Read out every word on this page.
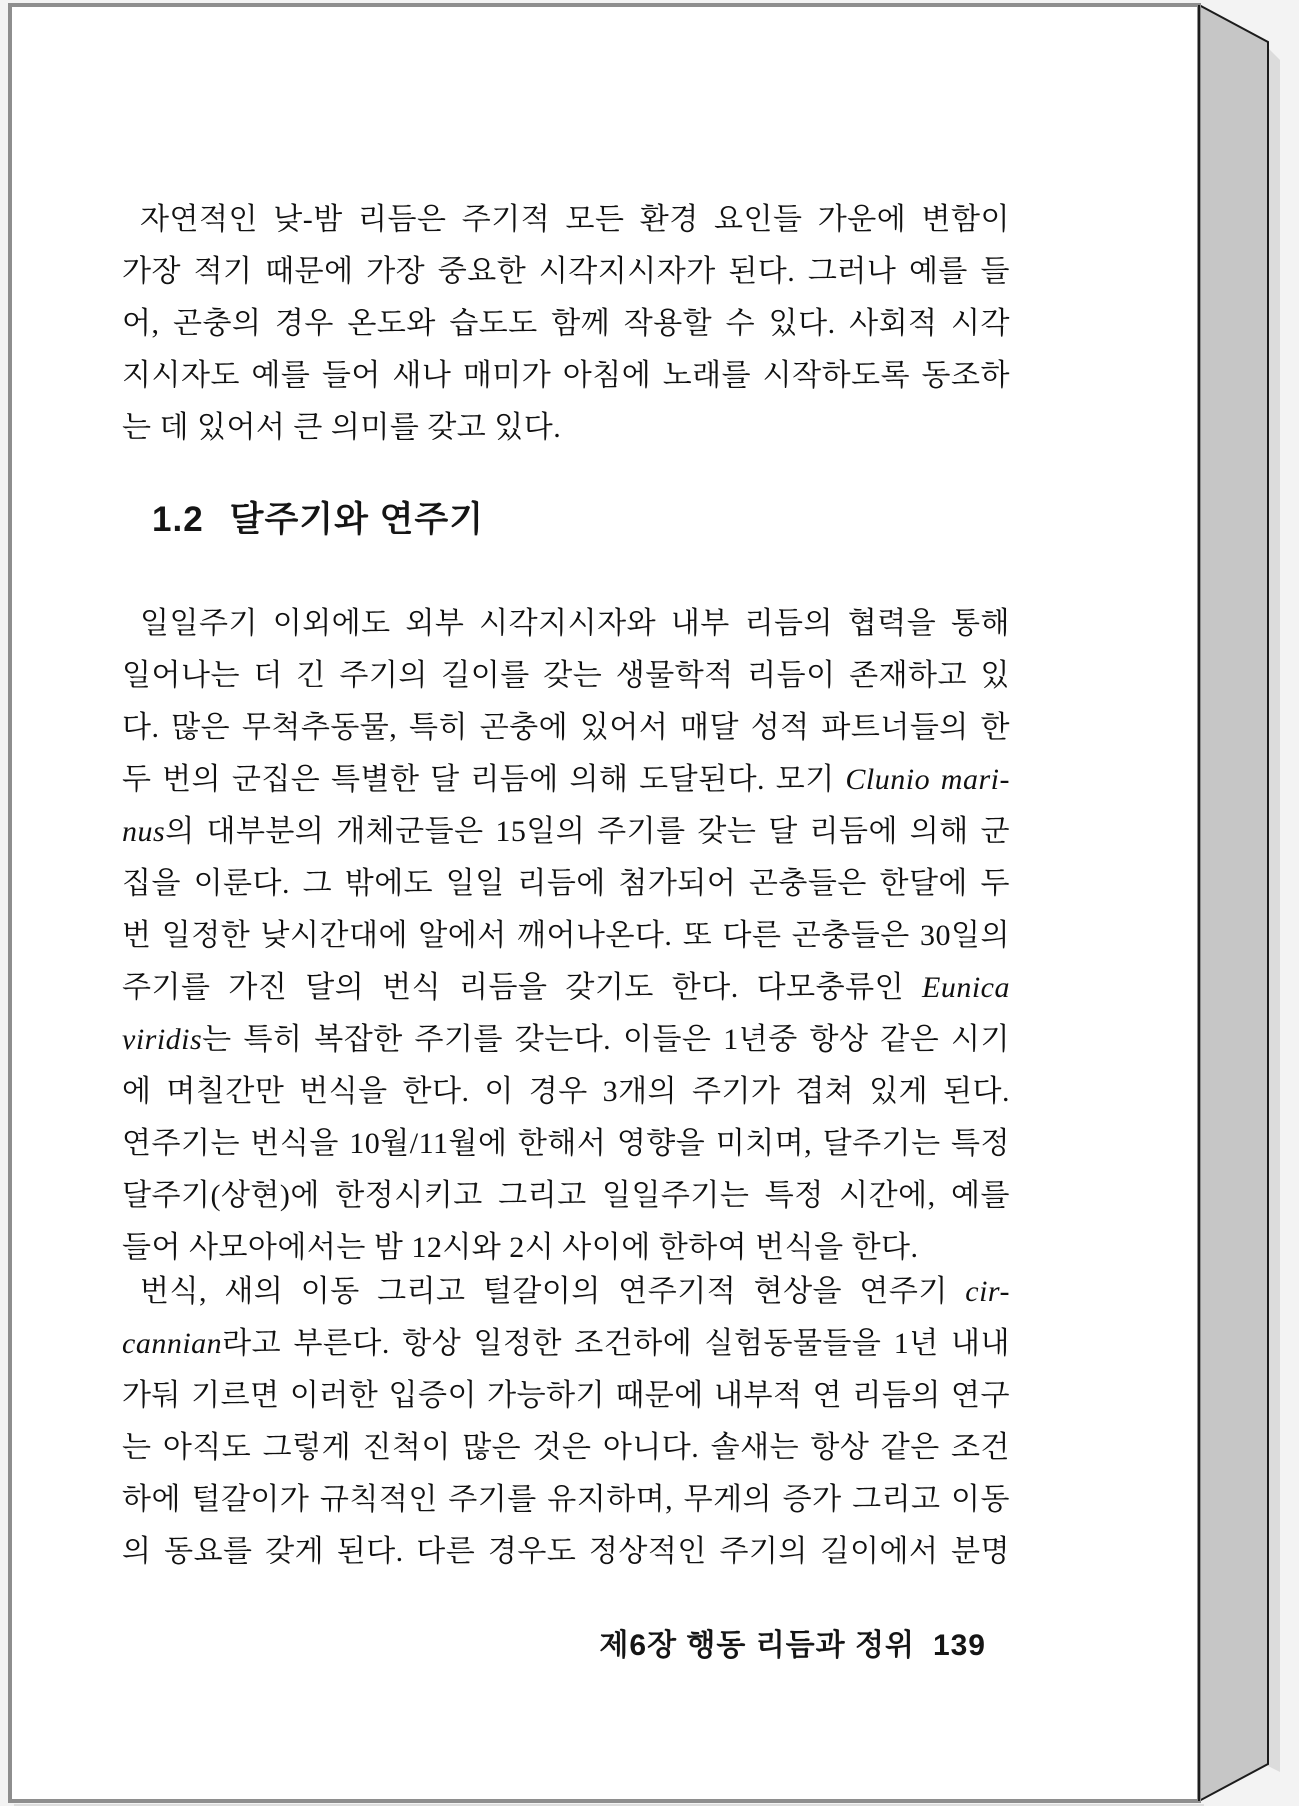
자연적인 낮-밤 리듬은 주기적 모든 환경 요인들 가운에 변함이
가장 적기 때문에 가장 중요한 시각지시자가 된다. 그러나 예를 들
어, 곤충의 경우 온도와 습도도 함께 작용할 수 있다. 사회적 시각
지시자도 예를 들어 새나 매미가 아침에 노래를 시작하도록 동조하
는 데 있어서 큰 의미를 갖고 있다.
1.2 달주기와 연주기
일일주기 이외에도 외부 시각지시자와 내부 리듬의 협력을 통해
일어나는 더 긴 주기의 길이를 갖는 생물학적 리듬이 존재하고 있
다. 많은 무척추동물, 특히 곤충에 있어서 매달 성적 파트너들의 한
두 번의 군집은 특별한 달 리듬에 의해 도달된다. 모기 Clunio mari-
nus의 대부분의 개체군들은 15일의 주기를 갖는 달 리듬에 의해 군
집을 이룬다. 그 밖에도 일일 리듬에 첨가되어 곤충들은 한달에 두
번 일정한 낮시간대에 알에서 깨어나온다. 또 다른 곤충들은 30일의
주기를 가진 달의 번식 리듬을 갖기도 한다. 다모충류인 Eunica
viridis는 특히 복잡한 주기를 갖는다. 이들은 1년중 항상 같은 시기
에 며칠간만 번식을 한다. 이 경우 3개의 주기가 겹쳐 있게 된다.
연주기는 번식을 10월/11월에 한해서 영향을 미치며, 달주기는 특정
달주기(상현)에 한정시키고 그리고 일일주기는 특정 시간에, 예를
들어 사모아에서는 밤 12시와 2시 사이에 한하여 번식을 한다.
번식, 새의 이동 그리고 털갈이의 연주기적 현상을 연주기 cir-
cannian라고 부른다. 항상 일정한 조건하에 실험동물들을 1년 내내
가둬 기르면 이러한 입증이 가능하기 때문에 내부적 연 리듬의 연구
는 아직도 그렇게 진척이 많은 것은 아니다. 솔새는 항상 같은 조건
하에 털갈이가 규칙적인 주기를 유지하며, 무게의 증가 그리고 이동
의 동요를 갖게 된다. 다른 경우도 정상적인 주기의 길이에서 분명
제6장 행동 리듬과 정위 139
